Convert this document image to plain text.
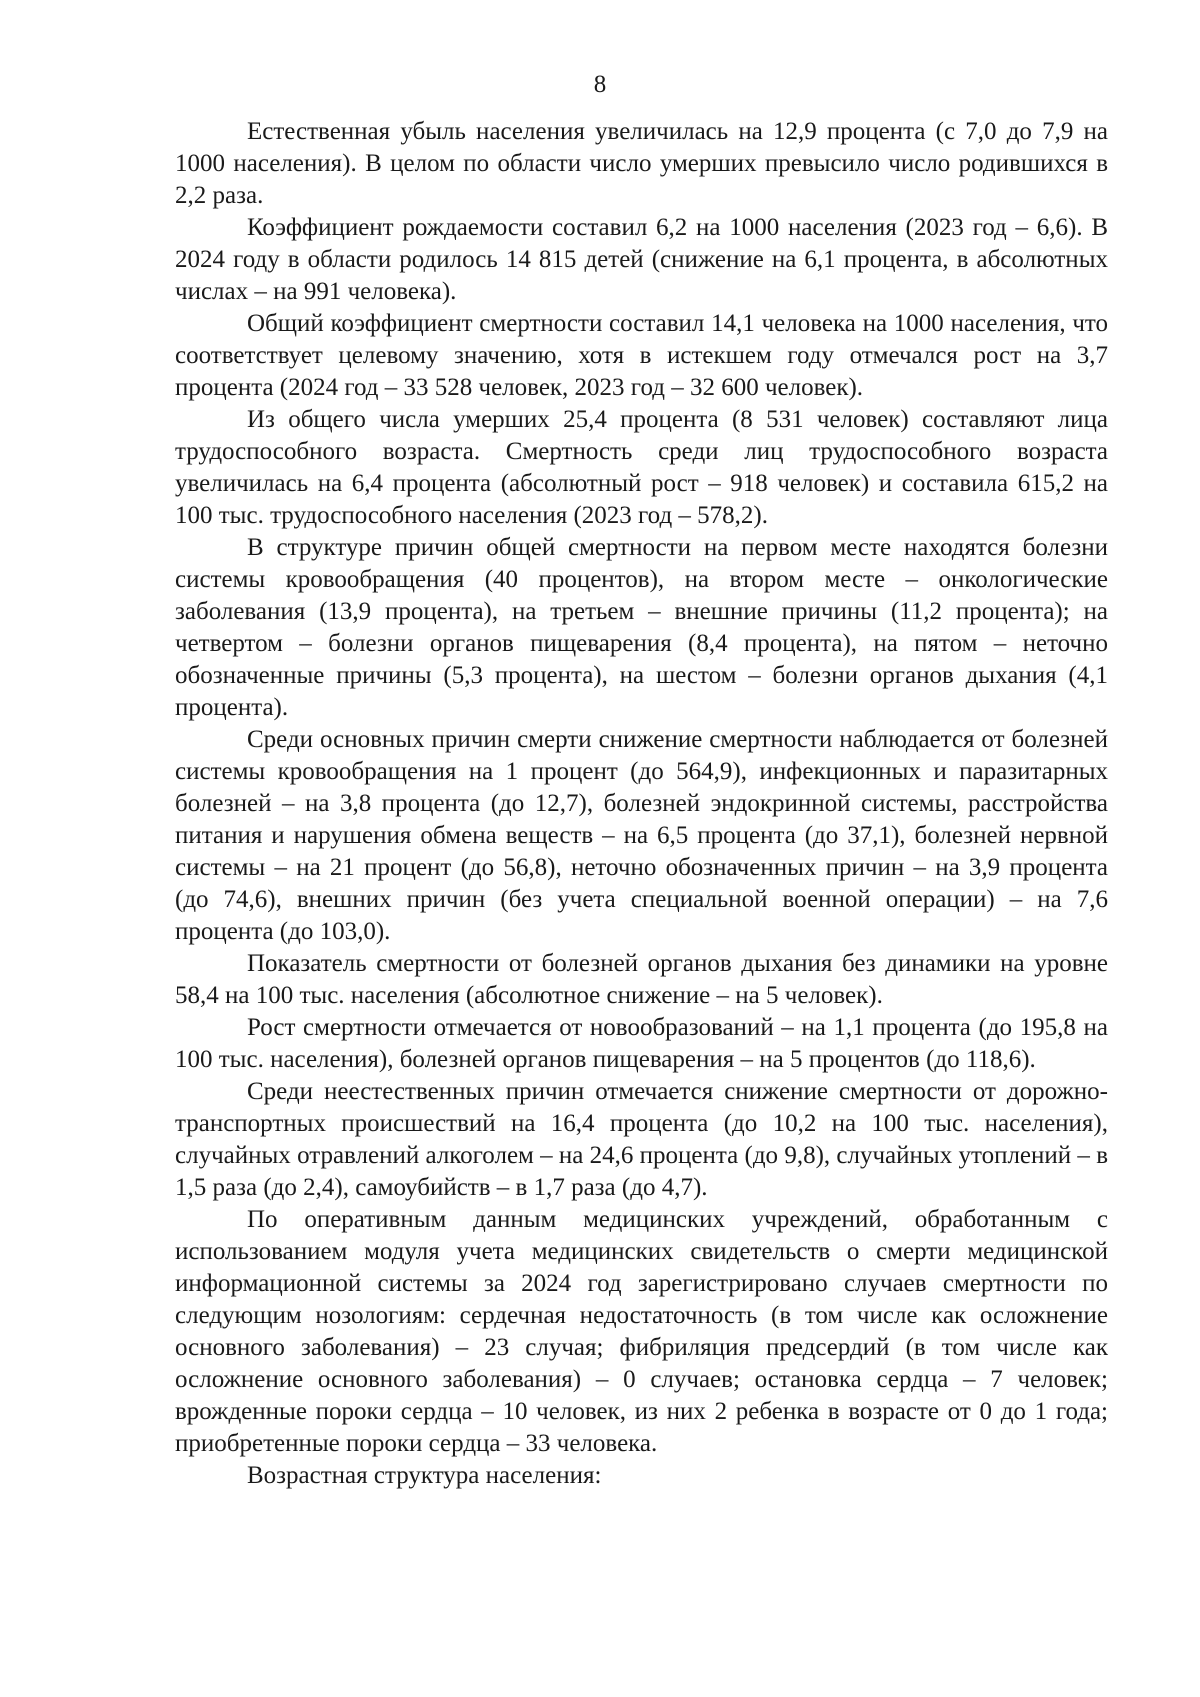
8

Естественная убыль населения увеличилась на 12,9 процента (с 7,0 до 7,9 на 1000 населения). В целом по области число умерших превысило число родившихся в 2,2 раза.

Коэффициент рождаемости составил 6,2 на 1000 населения (2023 год – 6,6). В 2024 году в области родилось 14 815 детей (снижение на 6,1 процента, в абсолютных числах – на 991 человека).

Общий коэффициент смертности составил 14,1 человека на 1000 населения, что соответствует целевому значению, хотя в истекшем году отмечался рост на 3,7 процента (2024 год – 33 528 человек, 2023 год – 32 600 человек).

Из общего числа умерших 25,4 процента (8 531 человек) составляют лица трудоспособного возраста. Смертность среди лиц трудоспособного возраста увеличилась на 6,4 процента (абсолютный рост – 918 человек) и составила 615,2 на 100 тыс. трудоспособного населения (2023 год – 578,2).

В структуре причин общей смертности на первом месте находятся болезни системы кровообращения (40 процентов), на втором месте – онкологические заболевания (13,9 процента), на третьем – внешние причины (11,2 процента); на четвертом – болезни органов пищеварения (8,4 процента), на пятом – неточно обозначенные причины (5,3 процента), на шестом – болезни органов дыхания (4,1 процента).

Среди основных причин смерти снижение смертности наблюдается от болезней системы кровообращения на 1 процент (до 564,9), инфекционных и паразитарных болезней – на 3,8 процента (до 12,7), болезней эндокринной системы, расстройства питания и нарушения обмена веществ – на 6,5 процента (до 37,1), болезней нервной системы – на 21 процент (до 56,8), неточно обозначенных причин – на 3,9 процента (до 74,6), внешних причин (без учета специальной военной операции) – на 7,6 процента (до 103,0).

Показатель смертности от болезней органов дыхания без динамики на уровне 58,4 на 100 тыс. населения (абсолютное снижение – на 5 человек).

Рост смертности отмечается от новообразований – на 1,1 процента (до 195,8 на 100 тыс. населения), болезней органов пищеварения – на 5 процентов (до 118,6).

Среди неестественных причин отмечается снижение смертности от дорожно-транспортных происшествий на 16,4 процента (до 10,2 на 100 тыс. населения), случайных отравлений алкоголем – на 24,6 процента (до 9,8), случайных утоплений – в 1,5 раза (до 2,4), самоубийств – в 1,7 раза (до 4,7).

По оперативным данным медицинских учреждений, обработанным с использованием модуля учета медицинских свидетельств о смерти медицинской информационной системы за 2024 год зарегистрировано случаев смертности по следующим нозологиям: сердечная недостаточность (в том числе как осложнение основного заболевания) – 23 случая; фибриляция предсердий (в том числе как осложнение основного заболевания) – 0 случаев; остановка сердца – 7 человек; врожденные пороки сердца – 10 человек, из них 2 ребенка в возрасте от 0 до 1 года; приобретенные пороки сердца – 33 человека.

Возрастная структура населения:
